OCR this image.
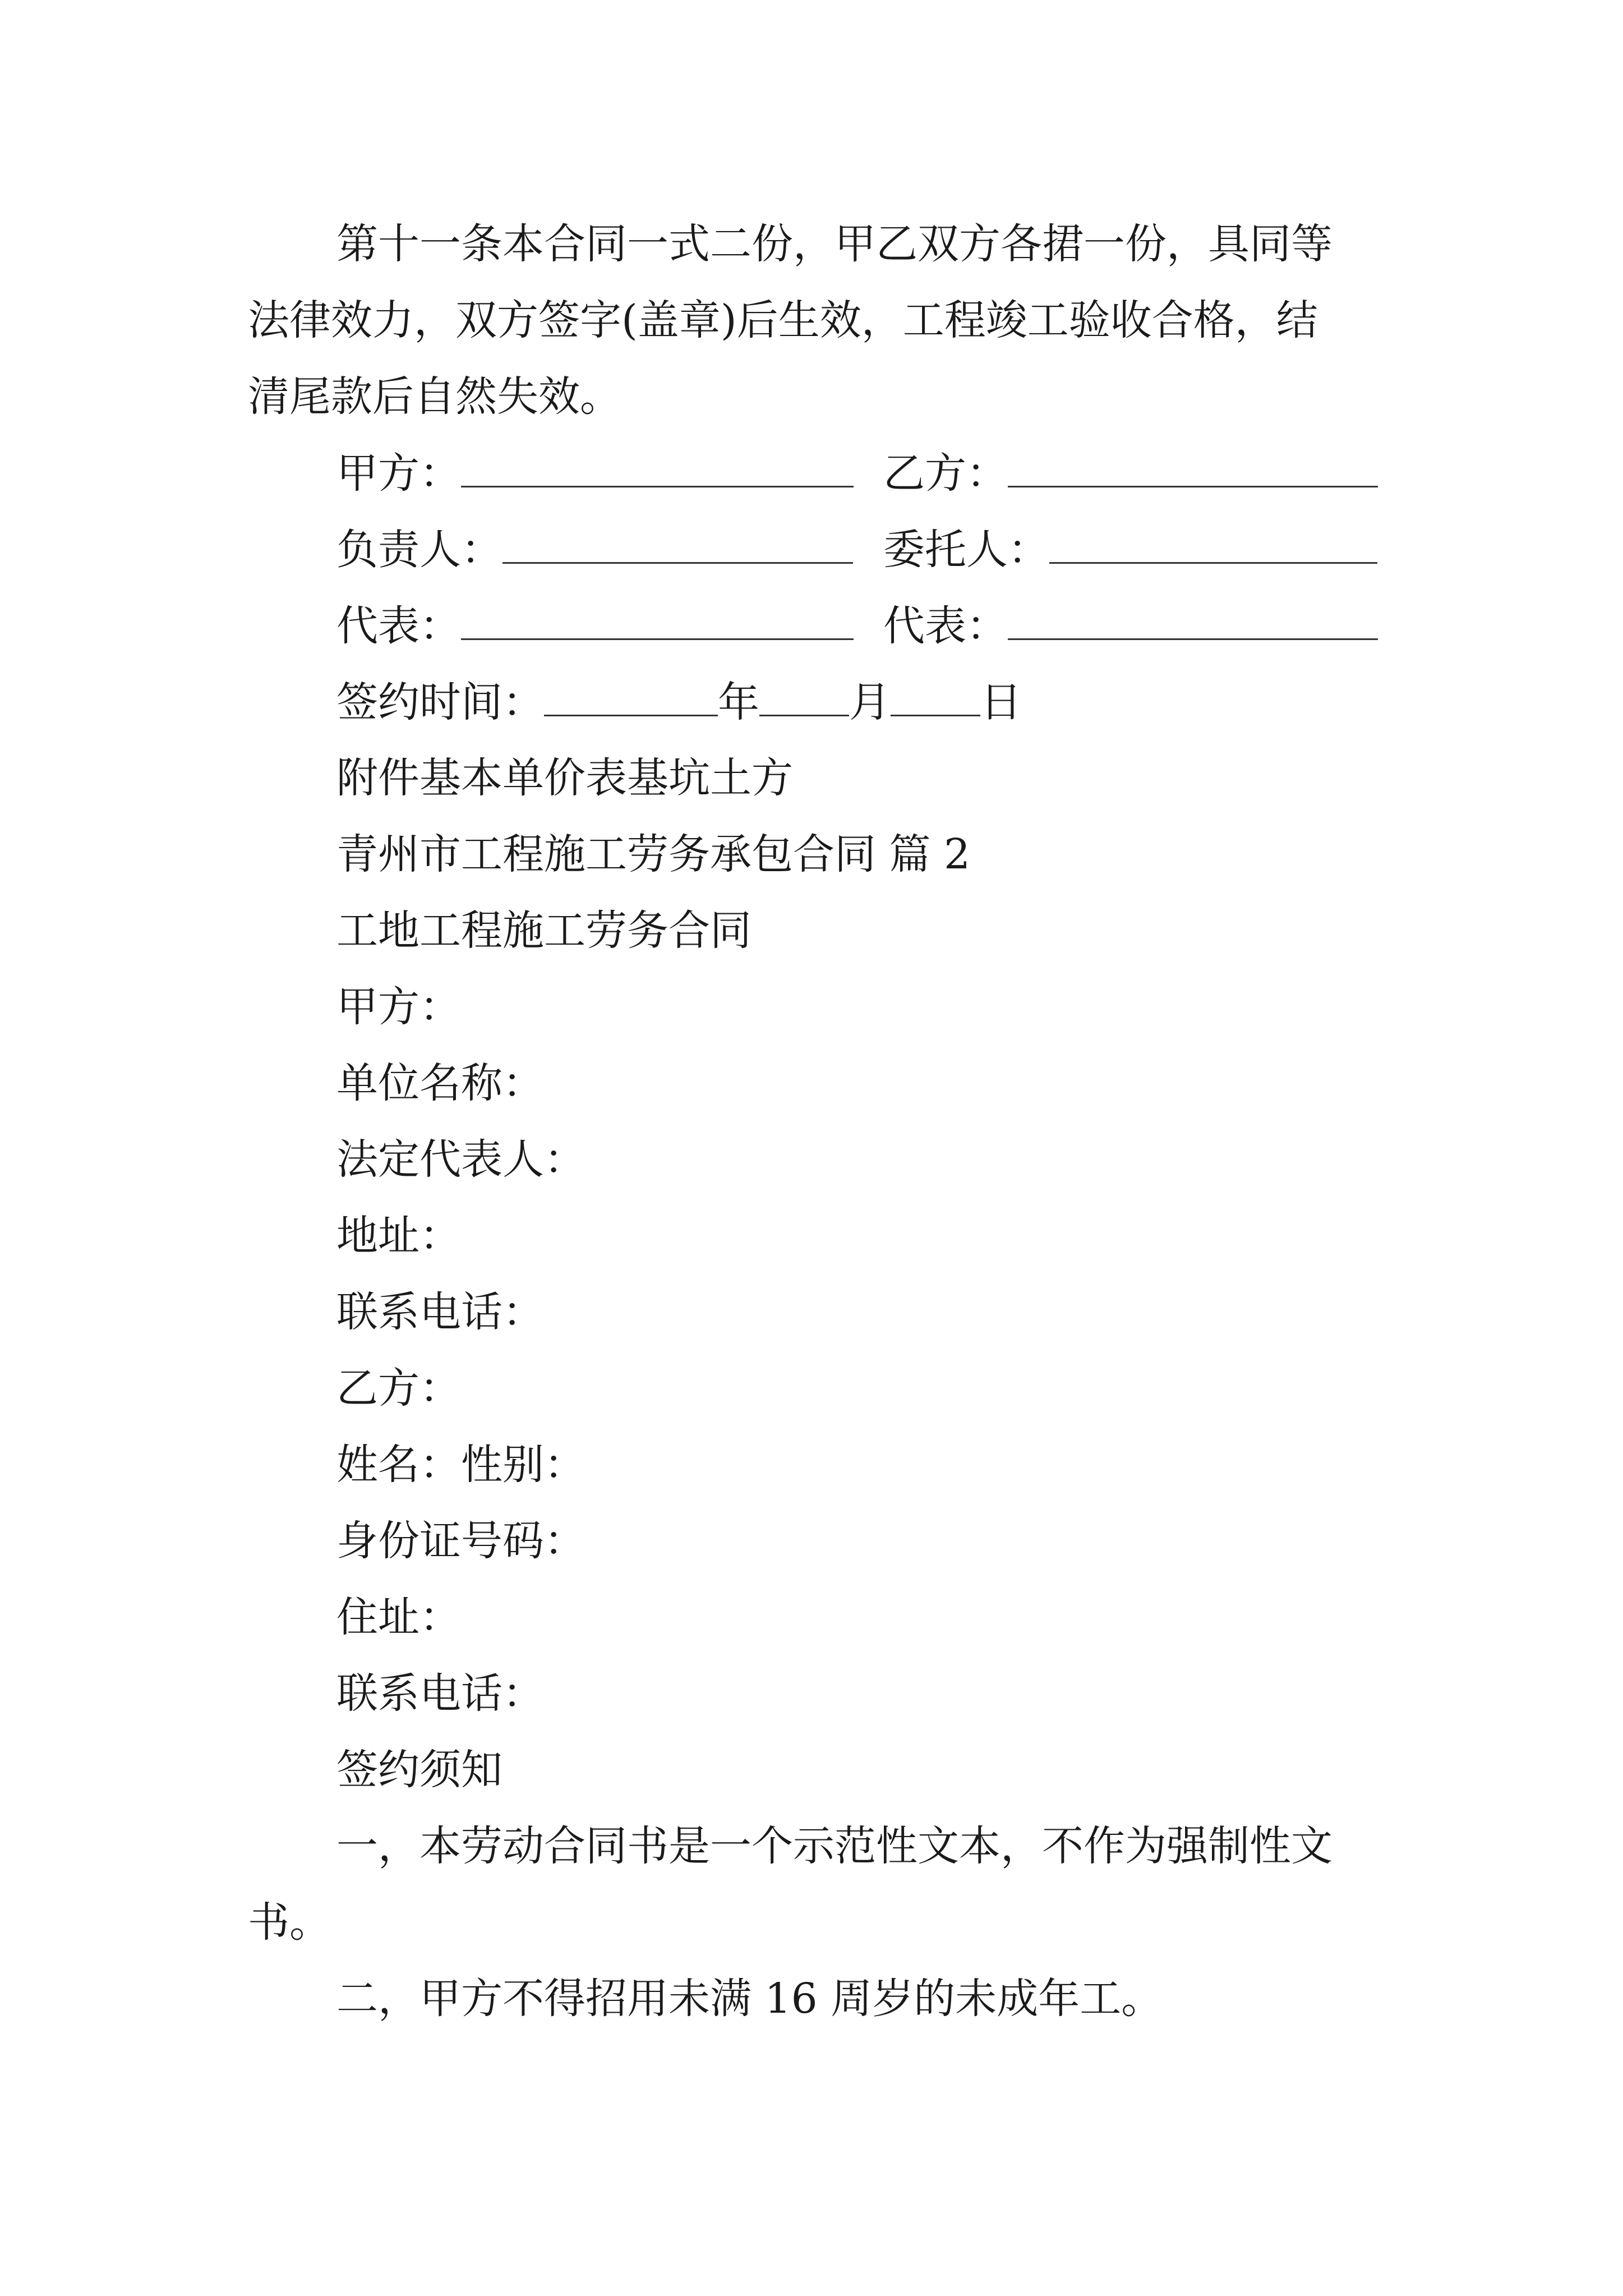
第十一条本合同一式二份，甲乙双方各捃一份，具同等
法律效力，双方签字(盖章)后生效，工程竣工验收合格，结
清尾款后自然失效。
甲方：	乙方：
负责人：	委托人：
代表：	代表：
签约时间：	年 月 日
附件基本单价表基坑土方
青州市工程施工劳务承包合同 篇 2
工地工程施工劳务合同
甲方：
单位名称：
法定代表人：
地址：
联系电话：
乙方：
姓名：性别：
身份证号码：
住址：
联系电话：
签约须知
一，本劳动合同书是一个示范性文本，不作为强制性文
书。
二，甲方不得招用未满 16 周岁的未成年工。
